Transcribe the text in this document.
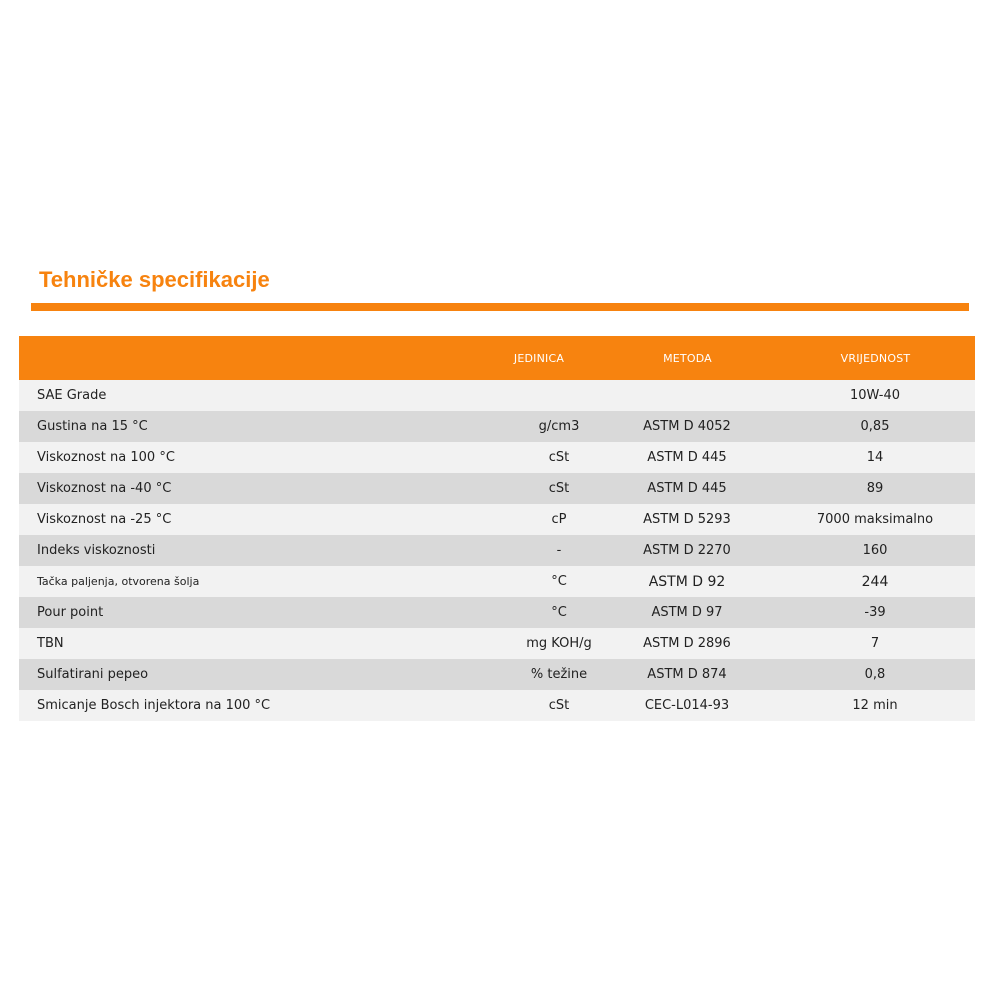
Tehničke specifikacije
	JEDINICA	METODA	VRIJEDNOST
SAE Grade			10W-40
Gustina na 15 °C	g/cm3	ASTM D 4052	0,85
Viskoznost na 100 °C	cSt	ASTM D 445	14
Viskoznost na -40 °C	cSt	ASTM D 445	89
Viskoznost na -25 °C	cP	ASTM D 5293	7000 maksimalno
Indeks viskoznosti	-	ASTM D 2270	160
Tačka paljenja, otvorena šolja	°C	ASTM D 92	244
Pour point	°C	ASTM D 97	-39
TBN	mg KOH/g	ASTM D 2896	7
Sulfatirani pepeo	% težine	ASTM D 874	0,8
Smicanje Bosch injektora na 100 °C	cSt	CEC-L014-93	12 min
